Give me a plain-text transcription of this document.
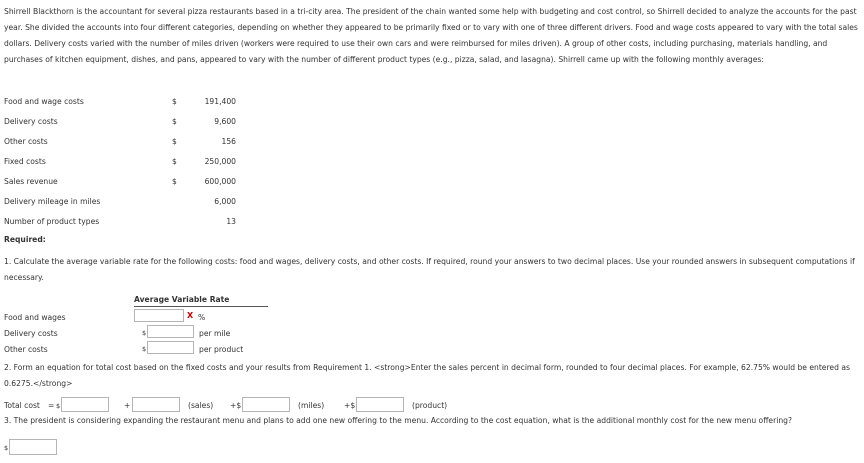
Shirrell Blackthorn is the accountant for several pizza restaurants based in a tri-city area. The president of the chain wanted some help with budgeting and cost control, so Shirrell decided to analyze the accounts for the past year. She divided the accounts into four different categories, depending on whether they appeared to be primarily fixed or to vary with one of three different drivers. Food and wage costs appeared to vary with the total sales dollars. Delivery costs varied with the number of miles driven (workers were required to use their own cars and were reimbursed for miles driven). A group of other costs, including purchasing, materials handling, and purchases of kitchen equipment, dishes, and pans, appeared to vary with the number of different product types (e.g., pizza, salad, and lasagna). Shirrell came up with the following monthly averages:

Food and wage costs	$	191,400
Delivery costs	$	9,600
Other costs	$	156
Fixed costs	$	250,000
Sales revenue	$	600,000
Delivery mileage in miles		6,000
Number of product types		13
Required:

1. Calculate the average variable rate for the following costs: food and wages, delivery costs, and other costs. If required, round your answers to two decimal places. Use your rounded answers in subsequent computations if necessary.

Average Variable Rate
Food and wages	X %
Delivery costs	$	per mile
Other costs	$	per product

2. Form an equation for total cost based on the fixed costs and your results from Requirement 1. <strong>Enter the sales percent in decimal form, rounded to four decimal places. For example, 62.75% would be entered as 0.6275.</strong>

Total cost = $	+	(sales) +$	(miles)	+$	(product)

3. The president is considering expanding the restaurant menu and plans to add one new offering to the menu. According to the cost equation, what is the additional monthly cost for the new menu offering?

$
